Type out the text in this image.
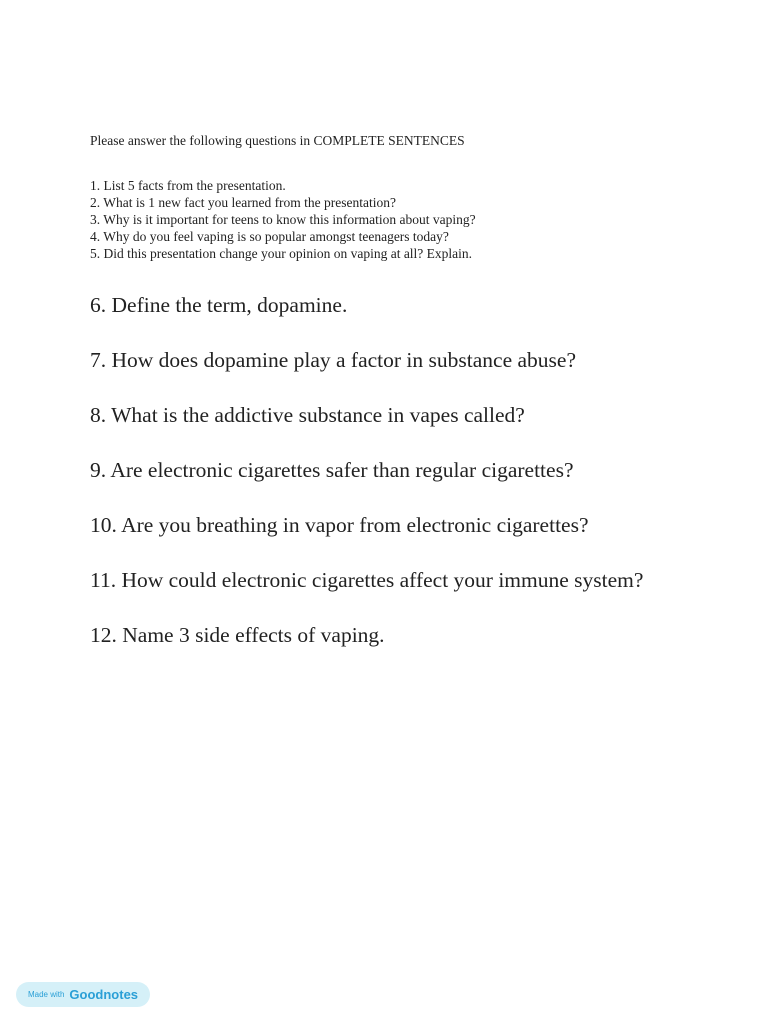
Please answer the following questions in COMPLETE SENTENCES

1. List 5 facts from the presentation.
2. What is 1 new fact you learned from the presentation?
3. Why is it important for teens to know this information about vaping?
4. Why do you feel vaping is so popular amongst teenagers today?
5. Did this presentation change your opinion on vaping at all? Explain.
6. Define the term, dopamine.
7. How does dopamine play a factor in substance abuse?
8. What is the addictive substance in vapes called?
9. Are electronic cigarettes safer than regular cigarettes?
10. Are you breathing in vapor from electronic cigarettes?
11. How could electronic cigarettes affect your immune system?
12. Name 3 side effects of vaping.
Made with Goodnotes
